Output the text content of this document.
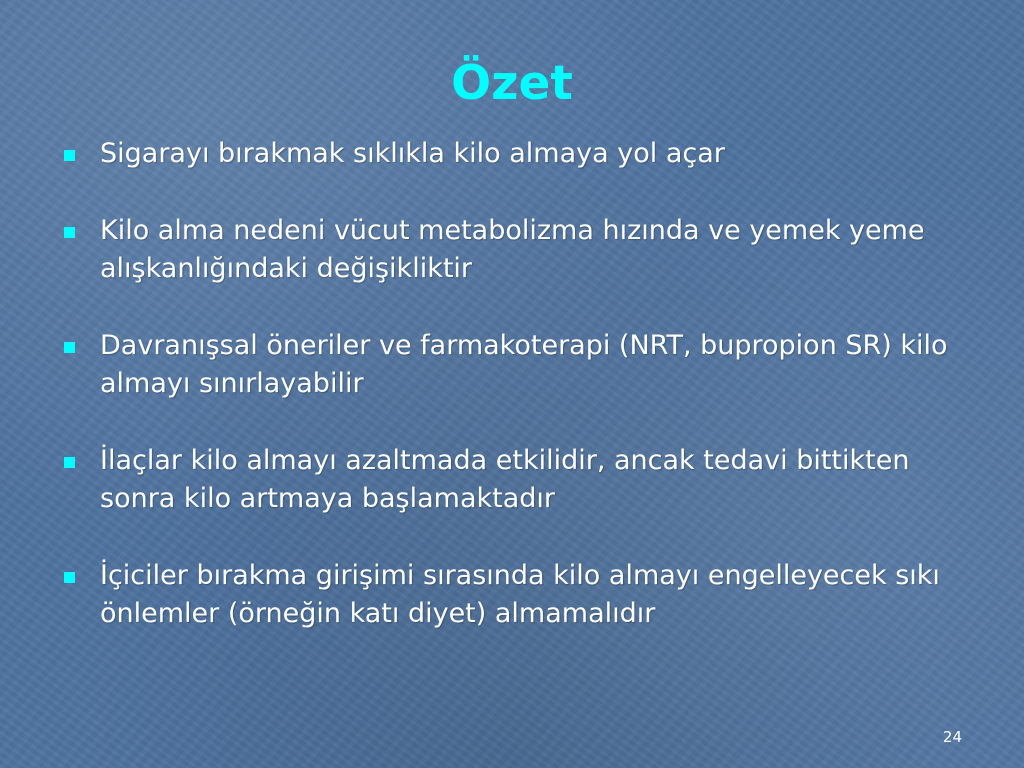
Özet
Sigarayı bırakmak sıklıkla kilo almaya yol açar
Kilo alma nedeni vücut metabolizma hızında ve yemek yeme alışkanlığındaki değişikliktir
Davranışsal öneriler ve farmakoterapi (NRT, bupropion SR) kilo almayı sınırlayabilir
İlaçlar kilo almayı azaltmada etkilidir, ancak tedavi bittikten sonra kilo artmaya başlamaktadır
İçiciler bırakma girişimi sırasında kilo almayı engelleyecek sıkı önlemler (örneğin katı diyet) almamalıdır
24
